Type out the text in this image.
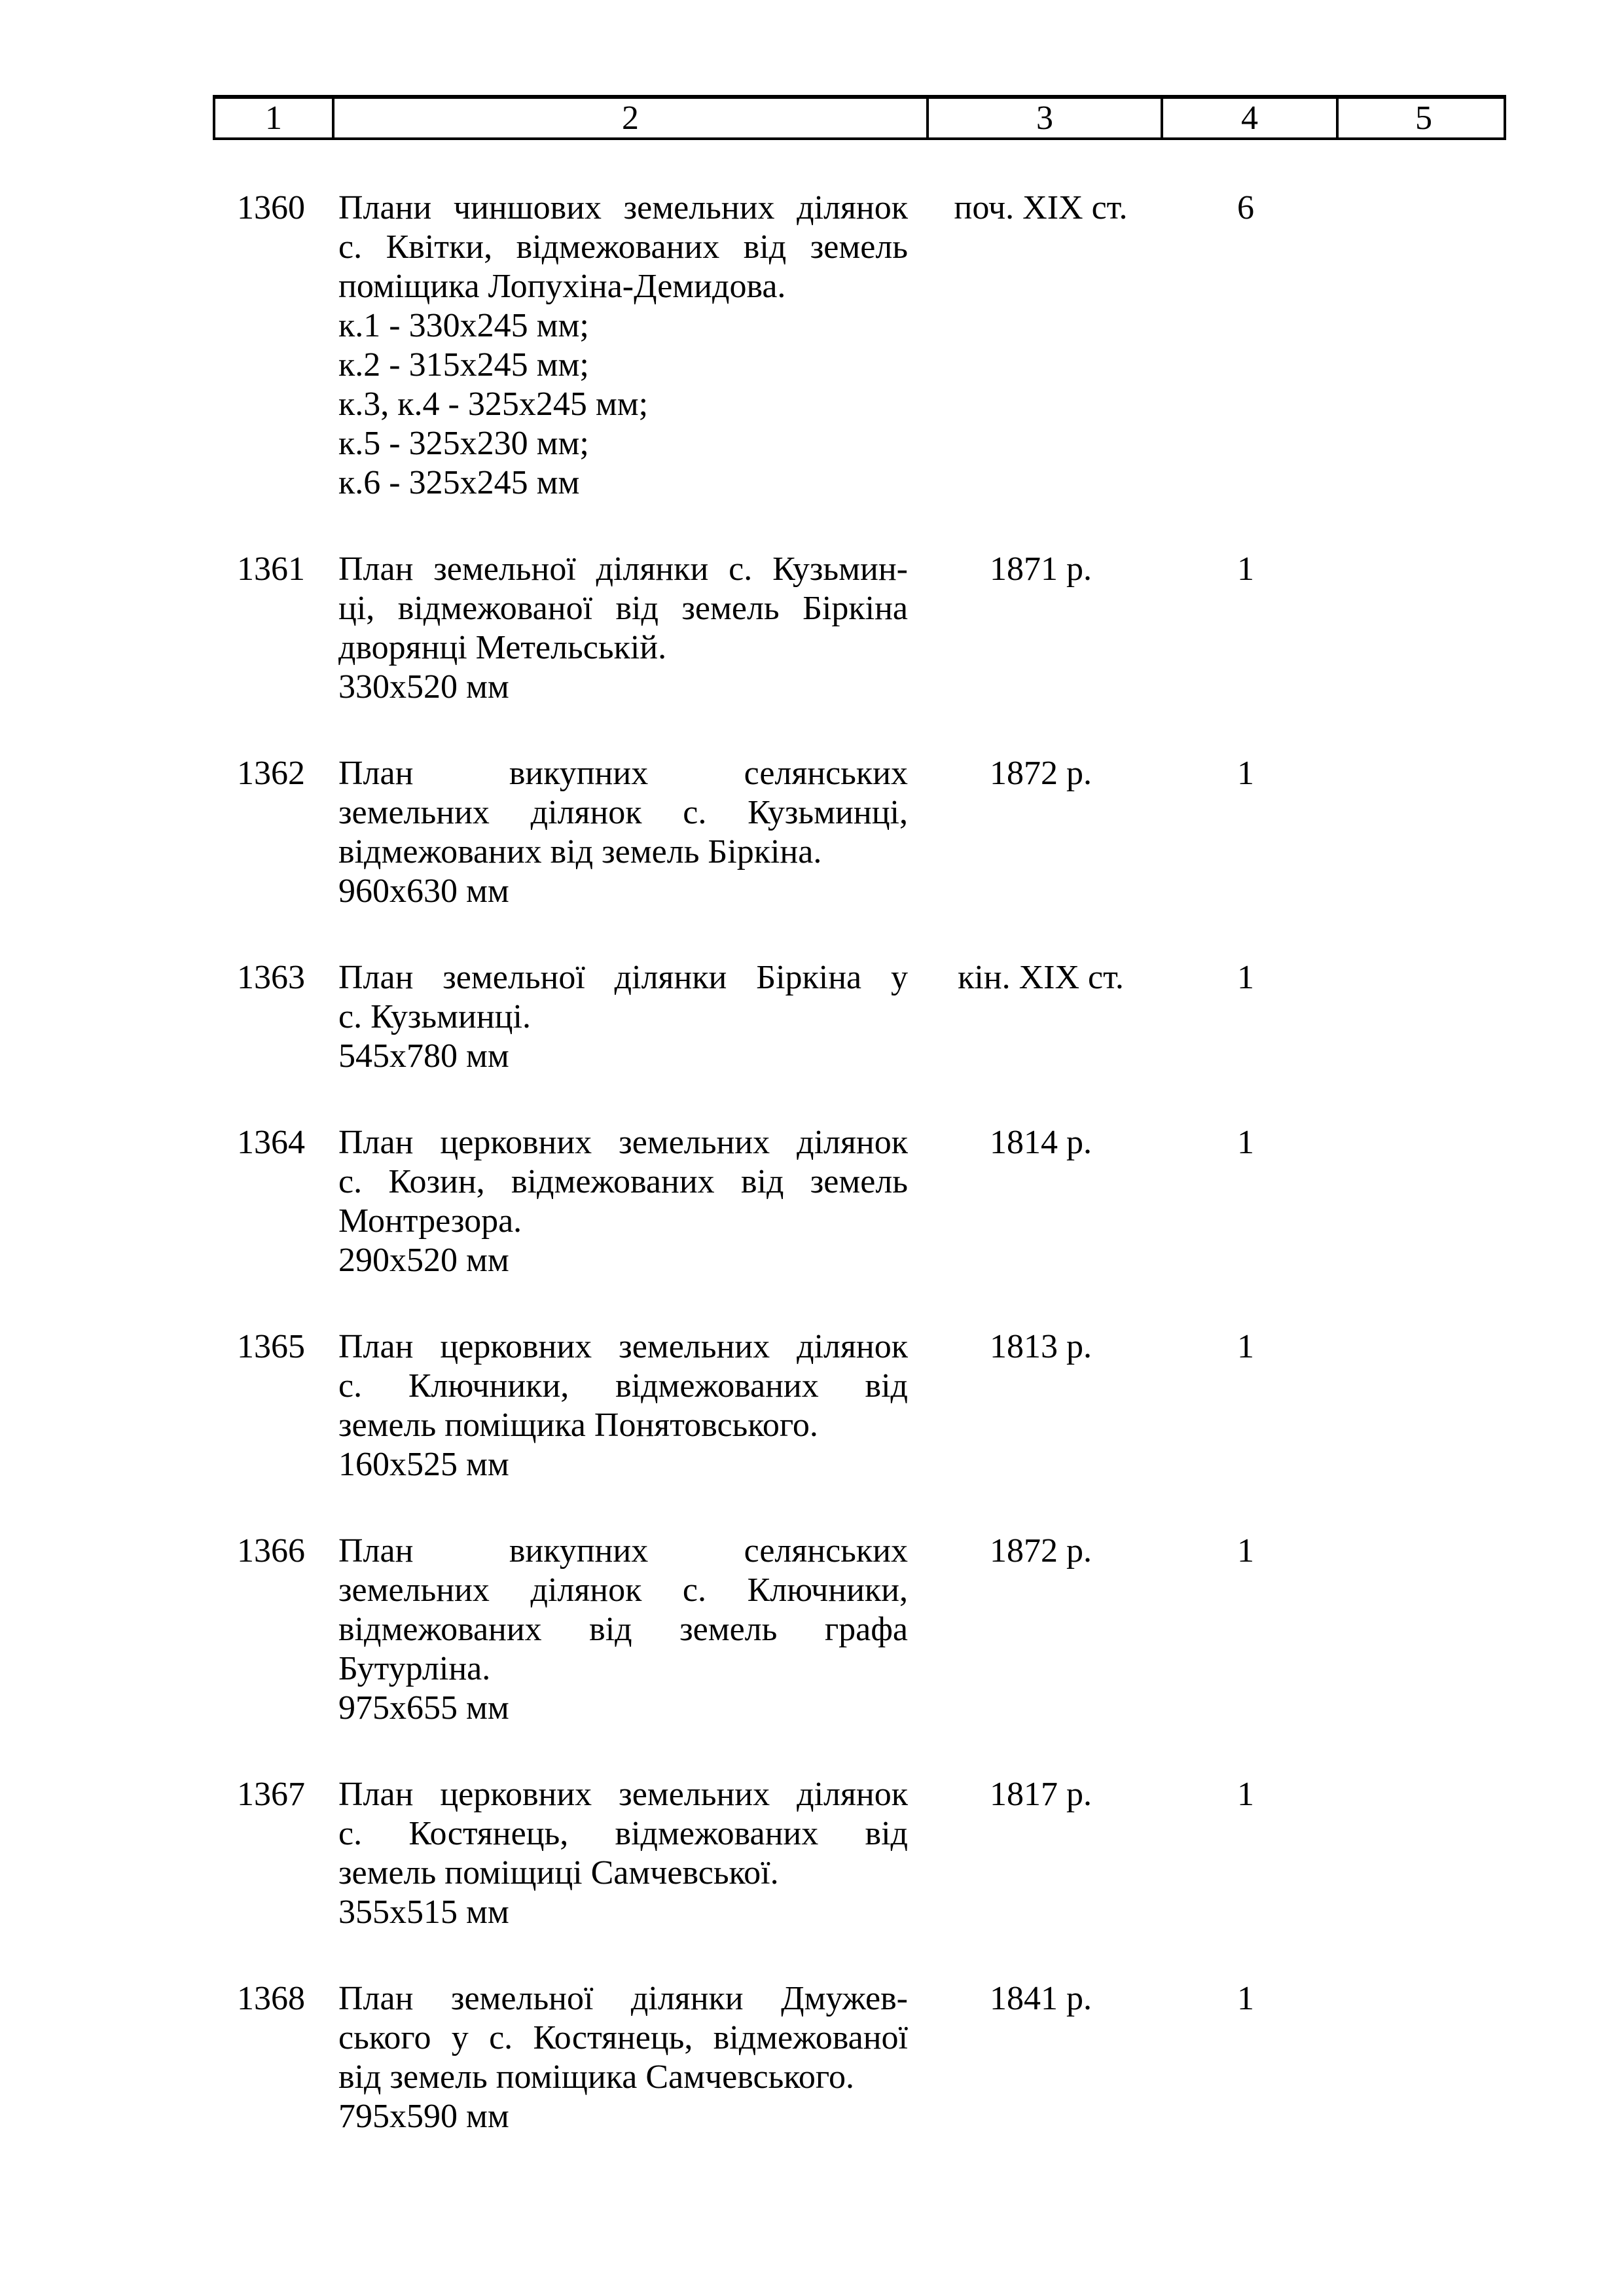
1	2	3	4	5
1360 Плани чиншових земельних ділянок
с. Квітки, відмежованих від земель
поміщика Лопухіна-Демидова.
к.1 - 330х245 мм;
к.2 - 315х245 мм;
к.3, к.4 - 325х245 мм;
к.5 - 325х230 мм;
к.6 - 325х245 мм
поч. XIX ст.	6
1361 План земельної ділянки с. Кузьмин-
ці, відмежованої від земель Біркіна
дворянці Метельській.
330х520 мм
1871 р.	1
1362 План викупних селянських
земельних ділянок с. Кузьминці,
відмежованих від земель Біркіна.
960х630 мм
1872 р.	1
1363 План земельної ділянки Біркіна у
с. Кузьминці.
545х780 мм
кін. XIX ст.	1
1364 План церковних земельних ділянок
с. Козин, відмежованих від земель
Монтрезора.
290х520 мм
1814 р.	1
1365 План церковних земельних ділянок
с. Ключники, відмежованих від
земель поміщика Понятовського.
160х525 мм
1813 р.	1
1366 План викупних селянських
земельних ділянок с. Ключники,
відмежованих від земель графа
Бутурліна.
975х655 мм
1872 р.	1
1367 План церковних земельних ділянок
с. Костянець, відмежованих від
земель поміщиці Самчевської.
355х515 мм
1817 р.	1
1368 План земельної ділянки Дмужев-
ського у с. Костянець, відмежованої
від земель поміщика Самчевського.
795х590 мм
1841 р.	1
